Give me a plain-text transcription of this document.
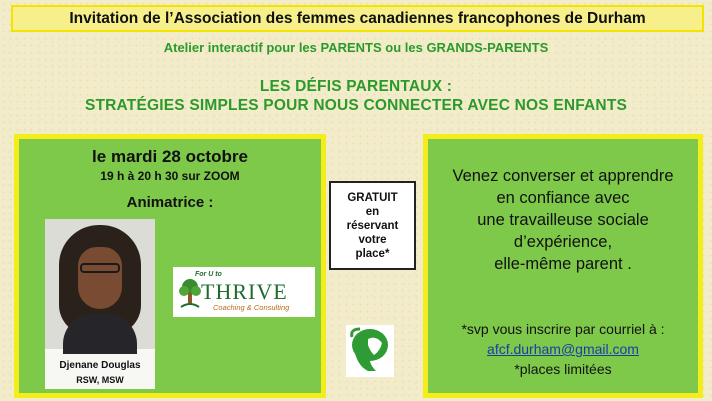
Invitation de l’Association des femmes canadiennes francophones de Durham
Atelier interactif pour les PARENTS ou les GRANDS-PARENTS
LES DÉFIS PARENTAUX :
STRATÉGIES SIMPLES POUR NOUS CONNECTER AVEC NOS ENFANTS
le mardi 28 octobre
19 h à 20 h 30 sur ZOOM
Animatrice :
Djenane Douglas
RSW, MSW
For U to
THRIVE
Coaching & Consulting
GRATUIT
en
réservant
votre
place*
Venez converser et apprendre
en confiance avec
une travailleuse sociale
d’expérience,
elle-même parent .
*svp vous inscrire par courriel à :
afcf.durham@gmail.com
*places limitées
